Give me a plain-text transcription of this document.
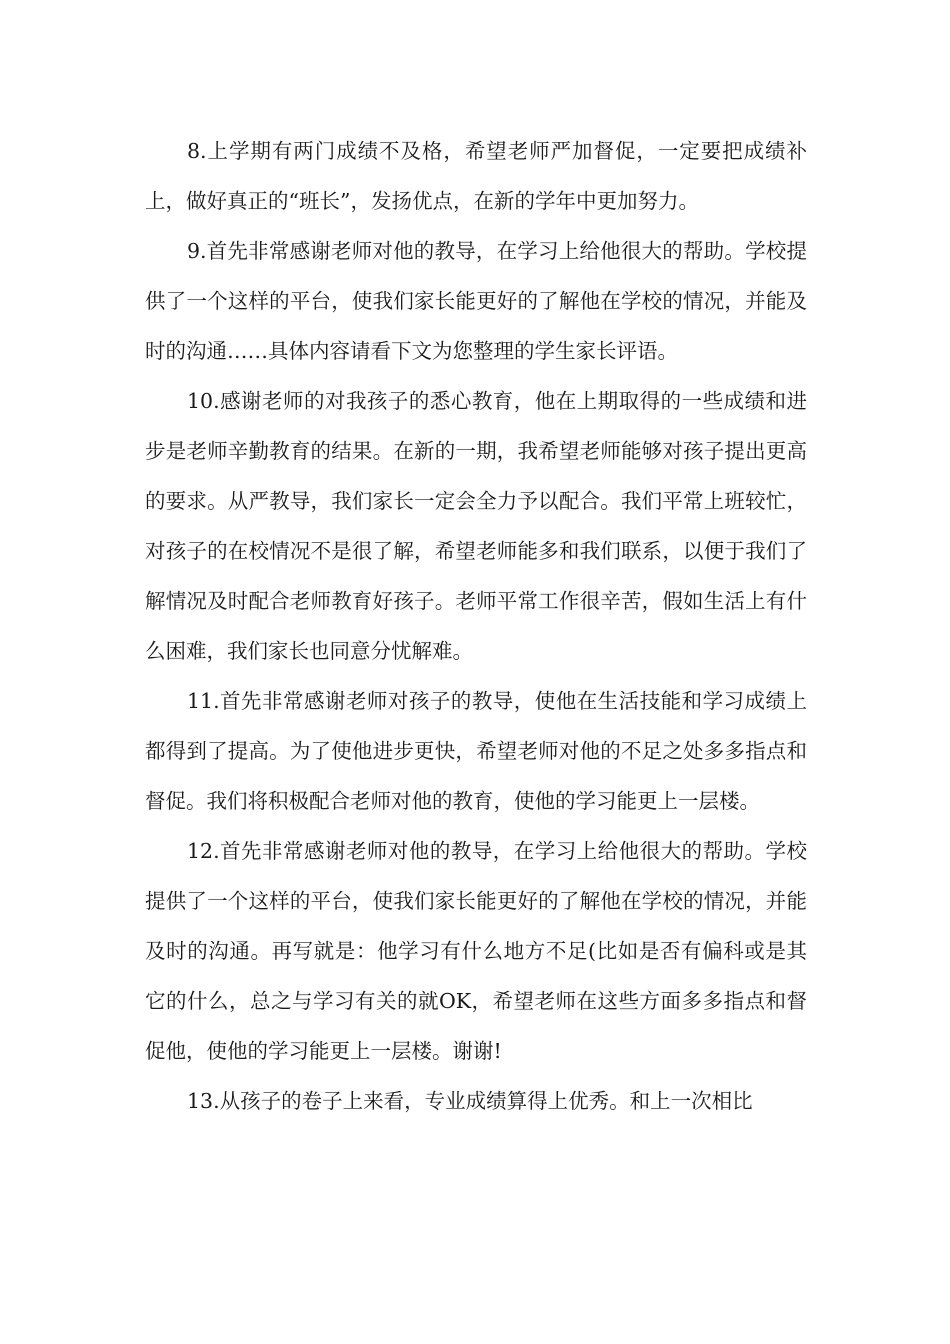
8.上学期有两门成绩不及格，希望老师严加督促，一定要把成绩补上，做好真正的“班长”，发扬优点，在新的学年中更加努力。

9.首先非常感谢老师对他的教导，在学习上给他很大的帮助。学校提供了一个这样的平台，使我们家长能更好的了解他在学校的情况，并能及时的沟通……具体内容请看下文为您整理的学生家长评语。

10.感谢老师的对我孩子的悉心教育，他在上期取得的一些成绩和进步是老师辛勤教育的结果。在新的一期，我希望老师能够对孩子提出更高的要求。从严教导，我们家长一定会全力予以配合。我们平常上班较忙，对孩子的在校情况不是很了解，希望老师能多和我们联系，以便于我们了解情况及时配合老师教育好孩子。老师平常工作很辛苦，假如生活上有什么困难，我们家长也同意分忧解难。

11.首先非常感谢老师对孩子的教导，使他在生活技能和学习成绩上都得到了提高。为了使他进步更快，希望老师对他的不足之处多多指点和督促。我们将积极配合老师对他的教育，使他的学习能更上一层楼。

12.首先非常感谢老师对他的教导，在学习上给他很大的帮助。学校提供了一个这样的平台，使我们家长能更好的了解他在学校的情况，并能及时的沟通。再写就是：他学习有什么地方不足(比如是否有偏科或是其它的什么，总之与学习有关的就OK，希望老师在这些方面多多指点和督促他，使他的学习能更上一层楼。谢谢!

13.从孩子的卷子上来看，专业成绩算得上优秀。和上一次相比
